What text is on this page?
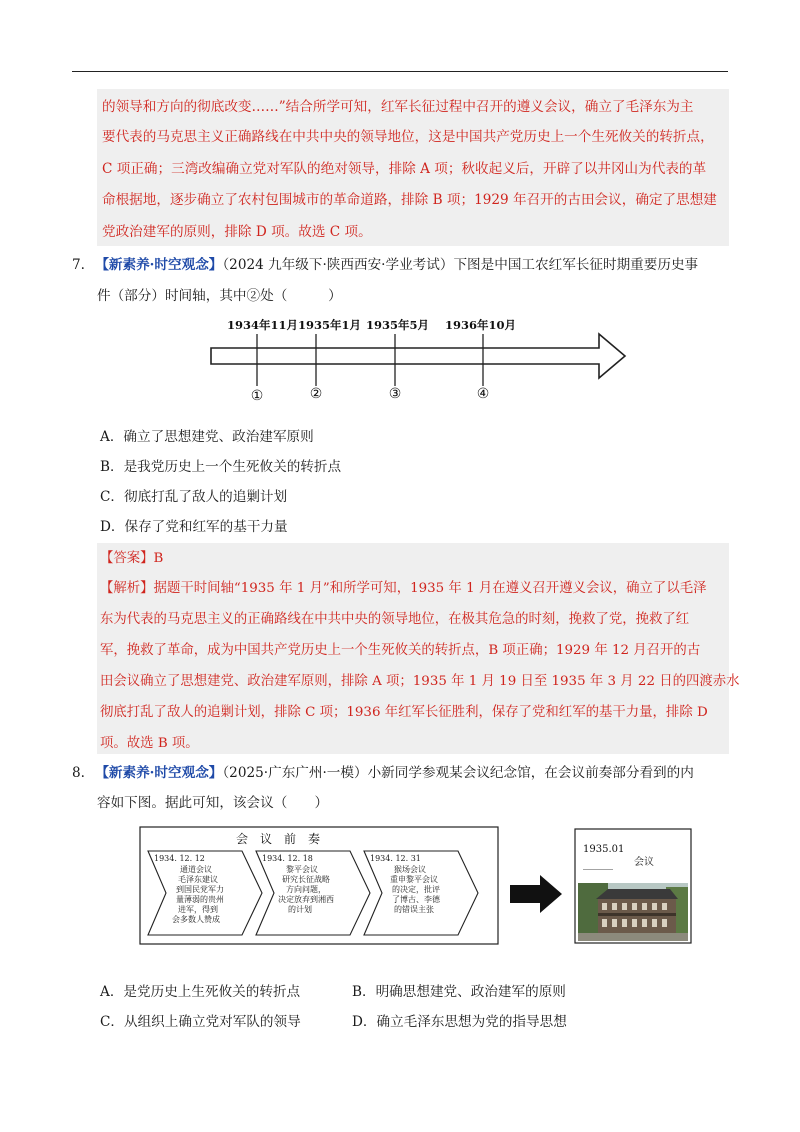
的领导和方向的彻底改变……”结合所学可知，红军长征过程中召开的遵义会议，确立了毛泽东为主
要代表的马克思主义正确路线在中共中央的领导地位，这是中国共产党历史上一个生死攸关的转折点，
C 项正确；三湾改编确立党对军队的绝对领导，排除 A 项；秋收起义后，开辟了以井冈山为代表的革
命根据地，逐步确立了农村包围城市的革命道路，排除 B 项；1929 年召开的古田会议，确定了思想建
党政治建军的原则，排除 D 项。故选 C 项。
7. 【新素养·时空观念】（2024 九年级下·陕西西安·学业考试）下图是中国工农红军长征时期重要历史事
件（部分）时间轴，其中②处（　　　）
1934年11月 1935年1月 1935年5月 1936年10月
①	②	③	④
A．确立了思想建党、政治建军原则
B．是我党历史上一个生死攸关的转折点
C．彻底打乱了敌人的追剿计划
D．保存了党和红军的基干力量
【答案】B
【解析】据题干时间轴“1935 年 1 月”和所学可知，1935 年 1 月在遵义召开遵义会议，确立了以毛泽
东为代表的马克思主义的正确路线在中共中央的领导地位，在极其危急的时刻，挽救了党，挽救了红
军，挽救了革命，成为中国共产党历史上一个生死攸关的转折点，B 项正确；1929 年 12 月召开的古
田会议确立了思想建党、政治建军原则，排除 A 项；1935 年 1 月 19 日至 1935 年 3 月 22 日的四渡赤水
彻底打乱了敌人的追剿计划，排除 C 项；1936 年红军长征胜利，保存了党和红军的基干力量，排除 D
项。故选 B 项。
8. 【新素养·时空观念】（2025·广东广州·一模）小新同学参观某会议纪念馆，在会议前奏部分看到的内
容如下图。据此可知，该会议（　　）
会　议　前　奏
1934. 12. 12
通道会议
毛泽东建议
到国民党军力
量薄弱的贵州
进军，得到
会多数人赞成
1934. 12. 18
黎平会议
研究长征战略
方向问题，
决定放弃到湘西
的计划
1934. 12. 31
猴场会议
重申黎平会议
的决定，批评
了博古、李德
的错误主张
1935.01
______ 会议
A．是党历史上生死攸关的转折点	B．明确思想建党、政治建军的原则
C．从组织上确立党对军队的领导	D．确立毛泽东思想为党的指导思想
